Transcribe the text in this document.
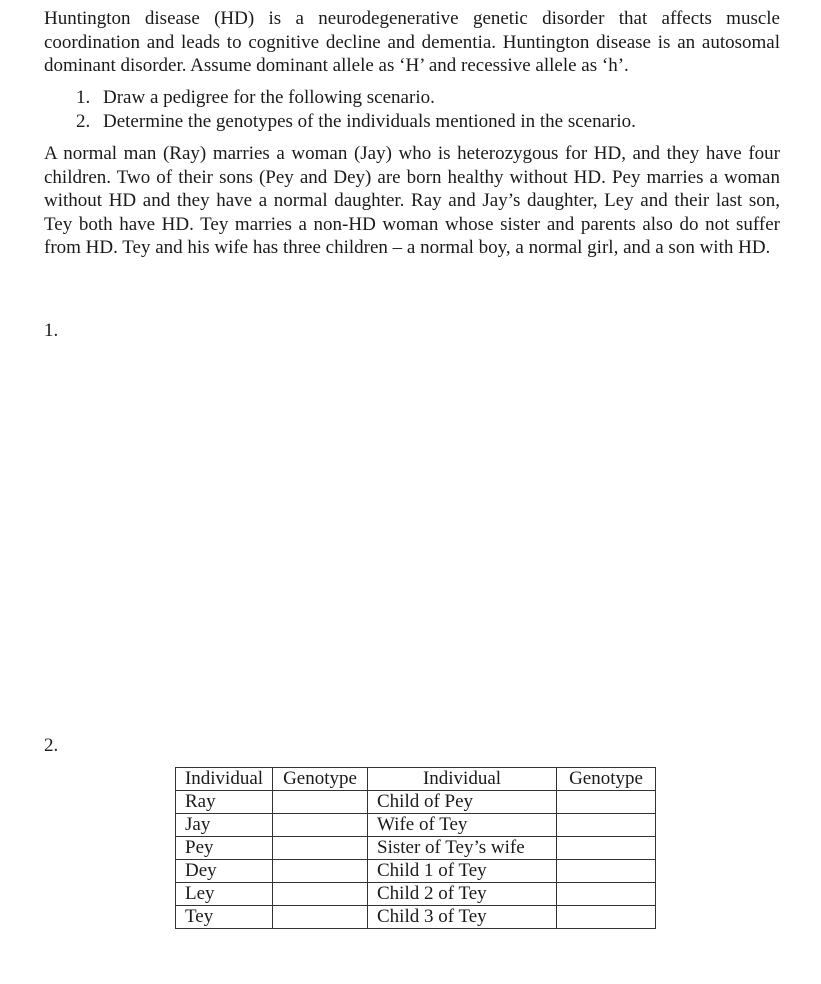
Huntington disease (HD) is a neurodegenerative genetic disorder that affects muscle coordination and leads to cognitive decline and dementia. Huntington disease is an autosomal dominant disorder. Assume dominant allele as ‘H’ and recessive allele as ‘h’.

1. Draw a pedigree for the following scenario.
2. Determine the genotypes of the individuals mentioned in the scenario.

A normal man (Ray) marries a woman (Jay) who is heterozygous for HD, and they have four children. Two of their sons (Pey and Dey) are born healthy without HD. Pey marries a woman without HD and they have a normal daughter. Ray and Jay’s daughter, Ley and their last son, Tey both have HD. Tey marries a non-HD woman whose sister and parents also do not suffer from HD. Tey and his wife has three children – a normal boy, a normal girl, and a son with HD.

1.
2.
Individual	Genotype	Individual	Genotype
Ray		Child of Pey	
Jay		Wife of Tey	
Pey		Sister of Tey’s wife	
Dey		Child 1 of Tey	
Ley		Child 2 of Tey	
Tey		Child 3 of Tey	
